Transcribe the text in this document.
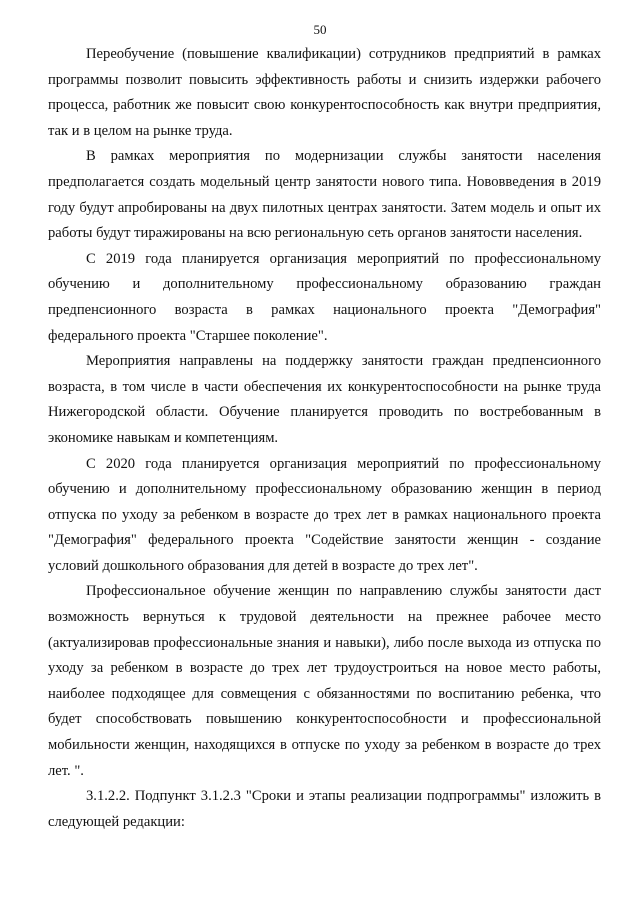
50

Переобучение (повышение квалификации) сотрудников предприятий в рамках программы позволит повысить эффективность работы и снизить издержки рабочего процесса, работник же повысит свою конкурентоспособность как внутри предприятия, так и в целом на рынке труда.

В рамках мероприятия по модернизации службы занятости населения предполагается создать модельный центр занятости нового типа. Нововведения в 2019 году будут апробированы на двух пилотных центрах занятости. Затем модель и опыт их работы будут тиражированы на всю региональную сеть органов занятости населения.

С 2019 года планируется организация мероприятий по профессиональному обучению и дополнительному профессиональному образованию граждан предпенсионного возраста в рамках национального проекта "Демография" федерального проекта "Старшее поколение".

Мероприятия направлены на поддержку занятости граждан предпенсионного возраста, в том числе в части обеспечения их конкурентоспособности на рынке труда Нижегородской области. Обучение планируется проводить по востребованным в экономике навыкам и компетенциям.

С 2020 года планируется организация мероприятий по профессиональному обучению и дополнительному профессиональному образованию женщин в период отпуска по уходу за ребенком в возрасте до трех лет в рамках национального проекта "Демография" федерального проекта "Содействие занятости женщин - создание условий дошкольного образования для детей в возрасте до трех лет".

Профессиональное обучение женщин по направлению службы занятости даст возможность вернуться к трудовой деятельности на прежнее рабочее место (актуализировав профессиональные знания и навыки), либо после выхода из отпуска по уходу за ребенком в возрасте до трех лет трудоустроиться на новое место работы, наиболее подходящее для совмещения с обязанностями по воспитанию ребенка, что будет способствовать повышению конкурентоспособности и профессиональной мобильности женщин, находящихся в отпуске по уходу за ребенком в возрасте до трех лет. ".

3.1.2.2. Подпункт 3.1.2.3 "Сроки и этапы реализации подпрограммы" изложить в следующей редакции:
